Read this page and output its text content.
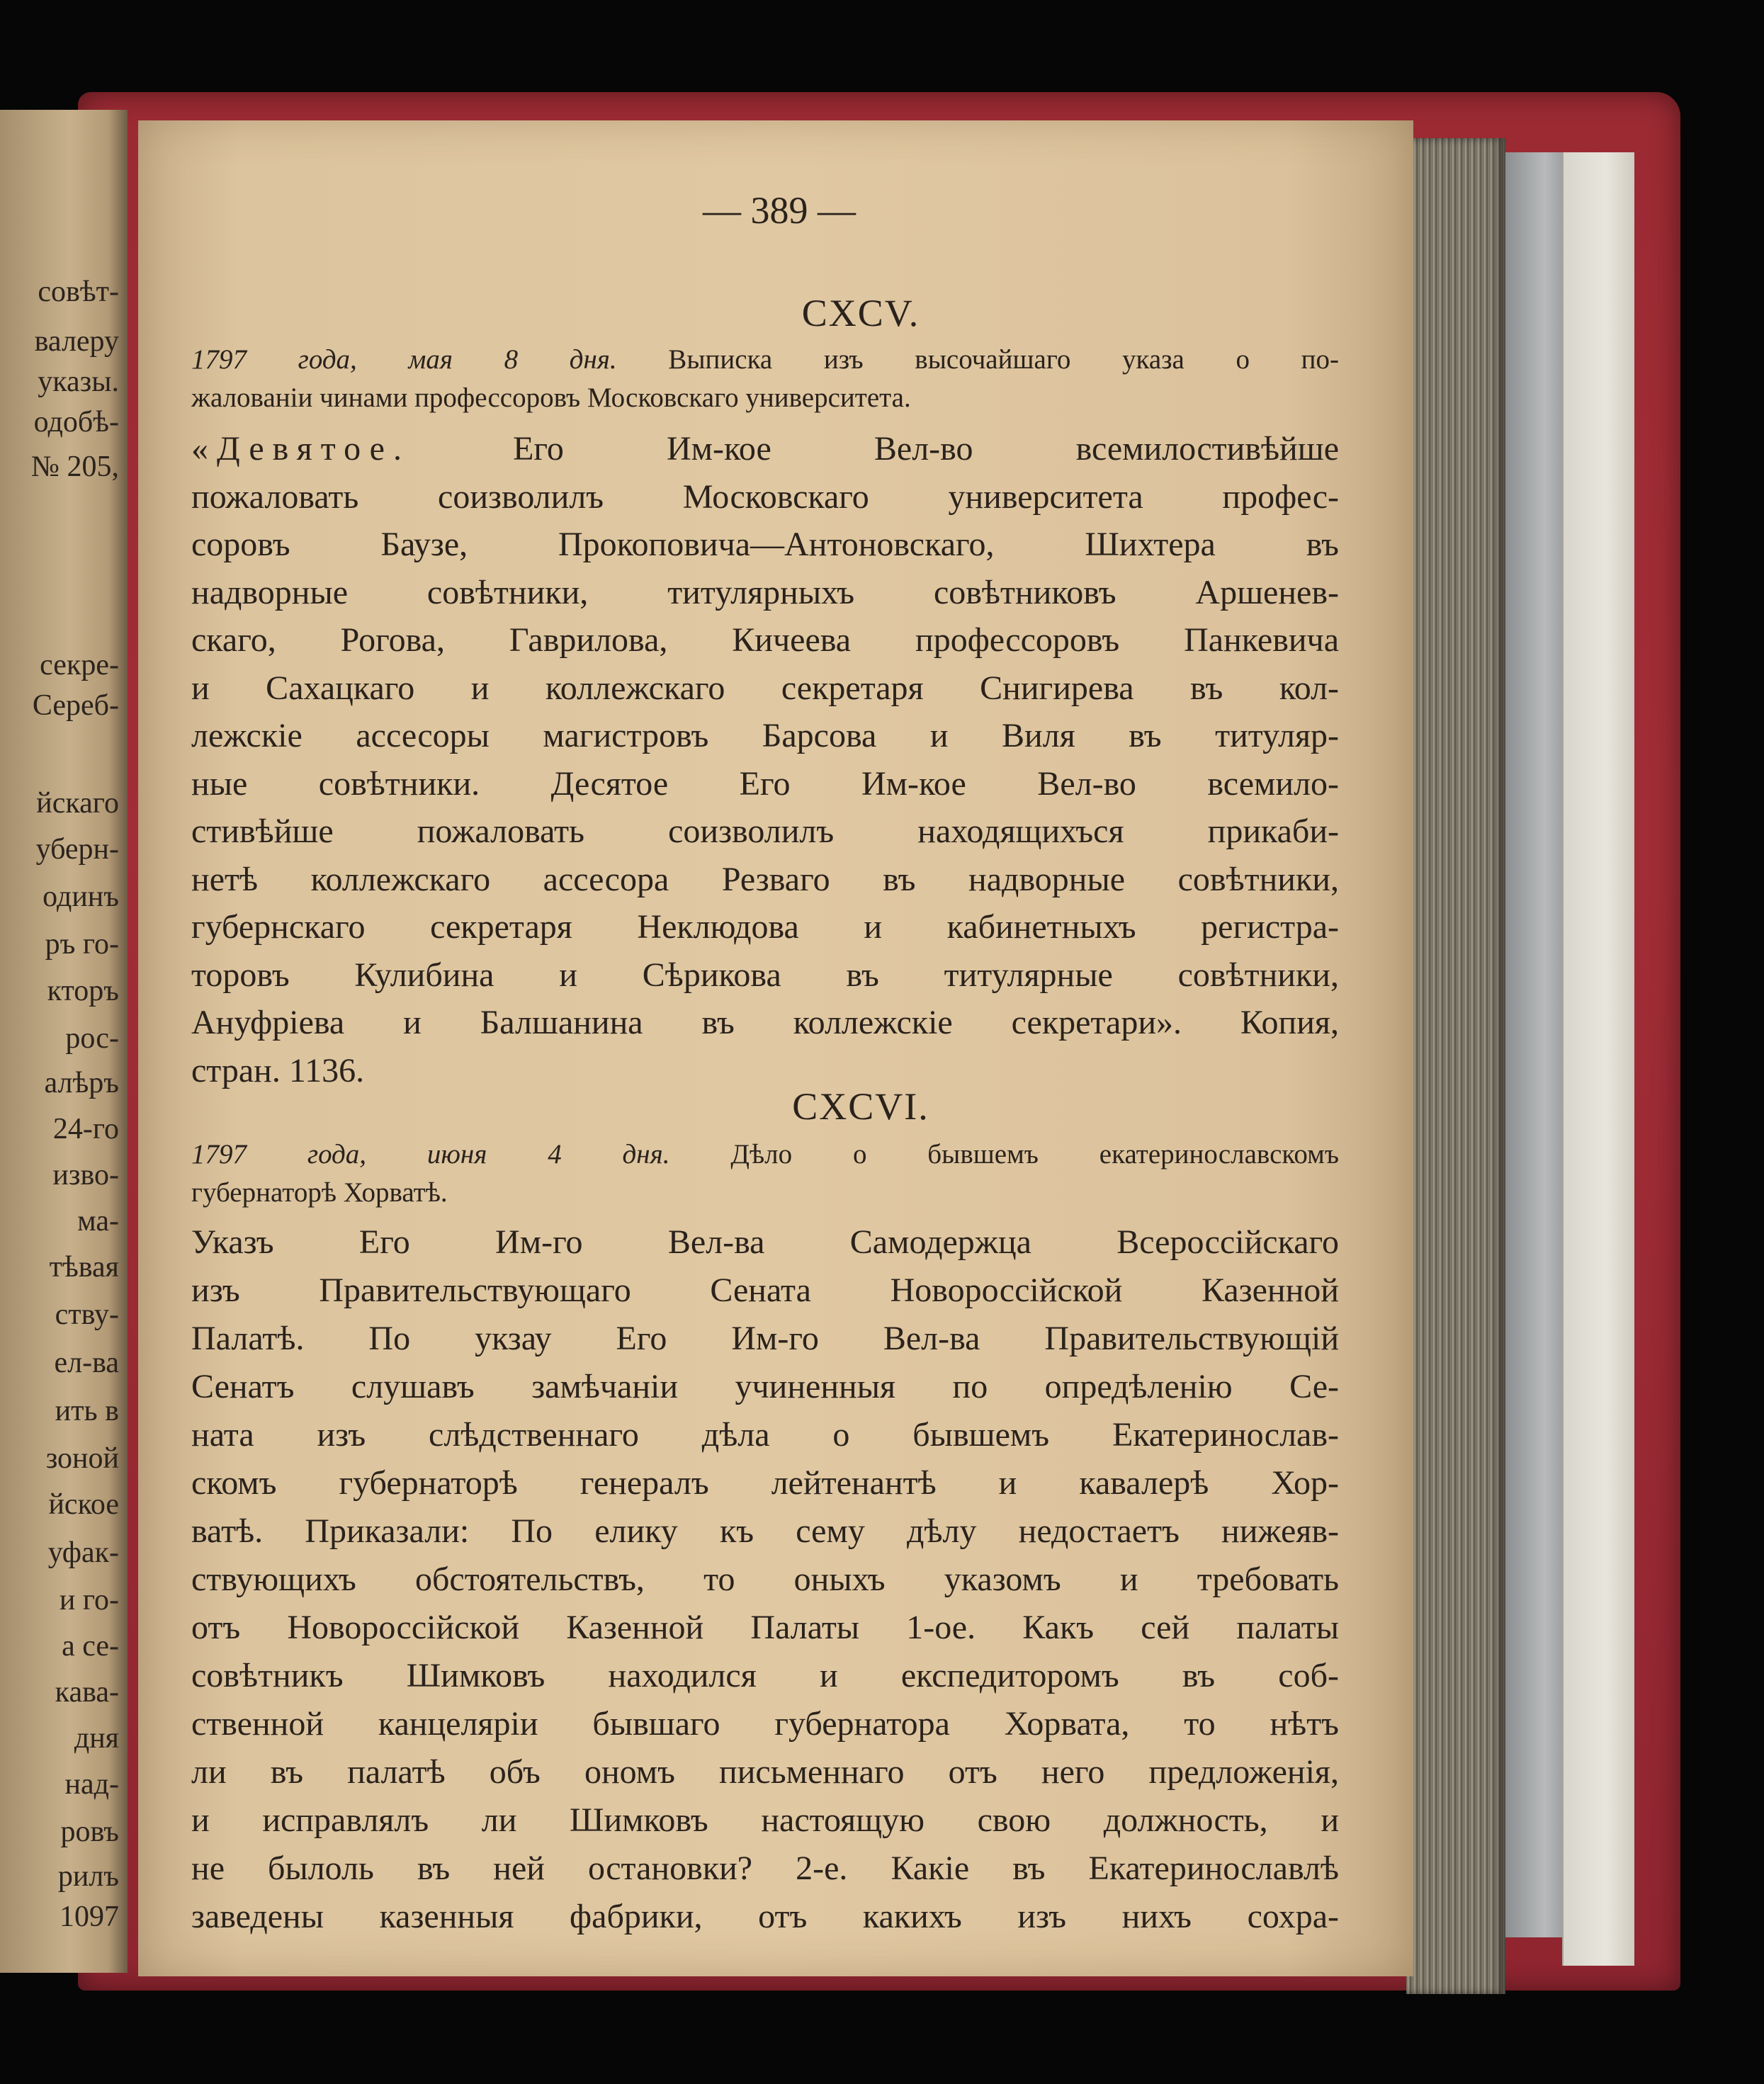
совѣт-
валеру
указы.
одобѣ-
№ 205,
секре-
Сереб-
йскаго
уберн-
одинъ
ръ го-
кторъ
рос-
алѣръ
24-го
изво-
ма-
тѣвая
ству-
ел-ва
ить в
зоной
йское
уфак-
и го-
а се-
кава-
дня
над-
ровъ
рилъ
1097
— 389 —
CXCV.
1797 года, мая 8 дня. Выписка изъ высочайшаго указа о по-
жалованіи чинами профессоровъ Московскаго университета.
«Девятое. Его Им-кое Вел-во всемилостивѣйше
пожаловать соизволилъ Московскаго университета профес-
соровъ Баузе, Прокоповича—Антоновскаго, Шихтера въ
надворные совѣтники, титулярныхъ совѣтниковъ Аршенев-
скаго, Рогова, Гаврилова, Кичеева профессоровъ Панкевича
и Сахацкаго и коллежскаго секретаря Снигирева въ кол-
лежскіе ассесоры магистровъ Барсова и Виля въ титуляр-
ные совѣтники. Десятое Его Им-кое Вел-во всемило-
стивѣйше пожаловать соизволилъ находящихъся прикаби-
нетѣ коллежскаго ассесора Резваго въ надворные совѣтники,
губернскаго секретаря Неклюдова и кабинетныхъ регистра-
торовъ Кулибина и Сѣрикова въ титулярные совѣтники,
Ануфріева и Балшанина въ коллежскіе секретари». Копия,
стран. 1136.
CXCVI.
1797 года, июня 4 дня. Дѣло о бывшемъ екатеринославскомъ
губернаторѣ Хорватѣ.
Указъ Его Им-го Вел-ва Самодержца Всероссійскаго
изъ Правительствующаго Сената Новороссійской Казенной
Палатѣ. По укзау Его Им-го Вел-ва Правительствующій
Сенатъ слушавъ замѣчаніи учиненныя по опредѣленію Се-
ната изъ слѣдственнаго дѣла о бывшемъ Екатеринослав-
скомъ губернаторѣ генералъ лейтенантѣ и кавалерѣ Хор-
ватѣ. Приказали: По елику къ сему дѣлу недостаетъ нижеяв-
ствующихъ обстоятельствъ, то оныхъ указомъ и требовать
отъ Новороссійской Казенной Палаты 1-ое. Какъ сей палаты
совѣтникъ Шимковъ находился и експедиторомъ въ соб-
ственной канцеляріи бывшаго губернатора Хорвата, то нѣтъ
ли въ палатѣ объ ономъ письменнаго отъ него предложенія,
и исправлялъ ли Шимковъ настоящую свою должность, и
не былоль въ ней остановки? 2-е. Какіе въ Екатеринославлѣ
заведены казенныя фабрики, отъ какихъ изъ нихъ сохра-
